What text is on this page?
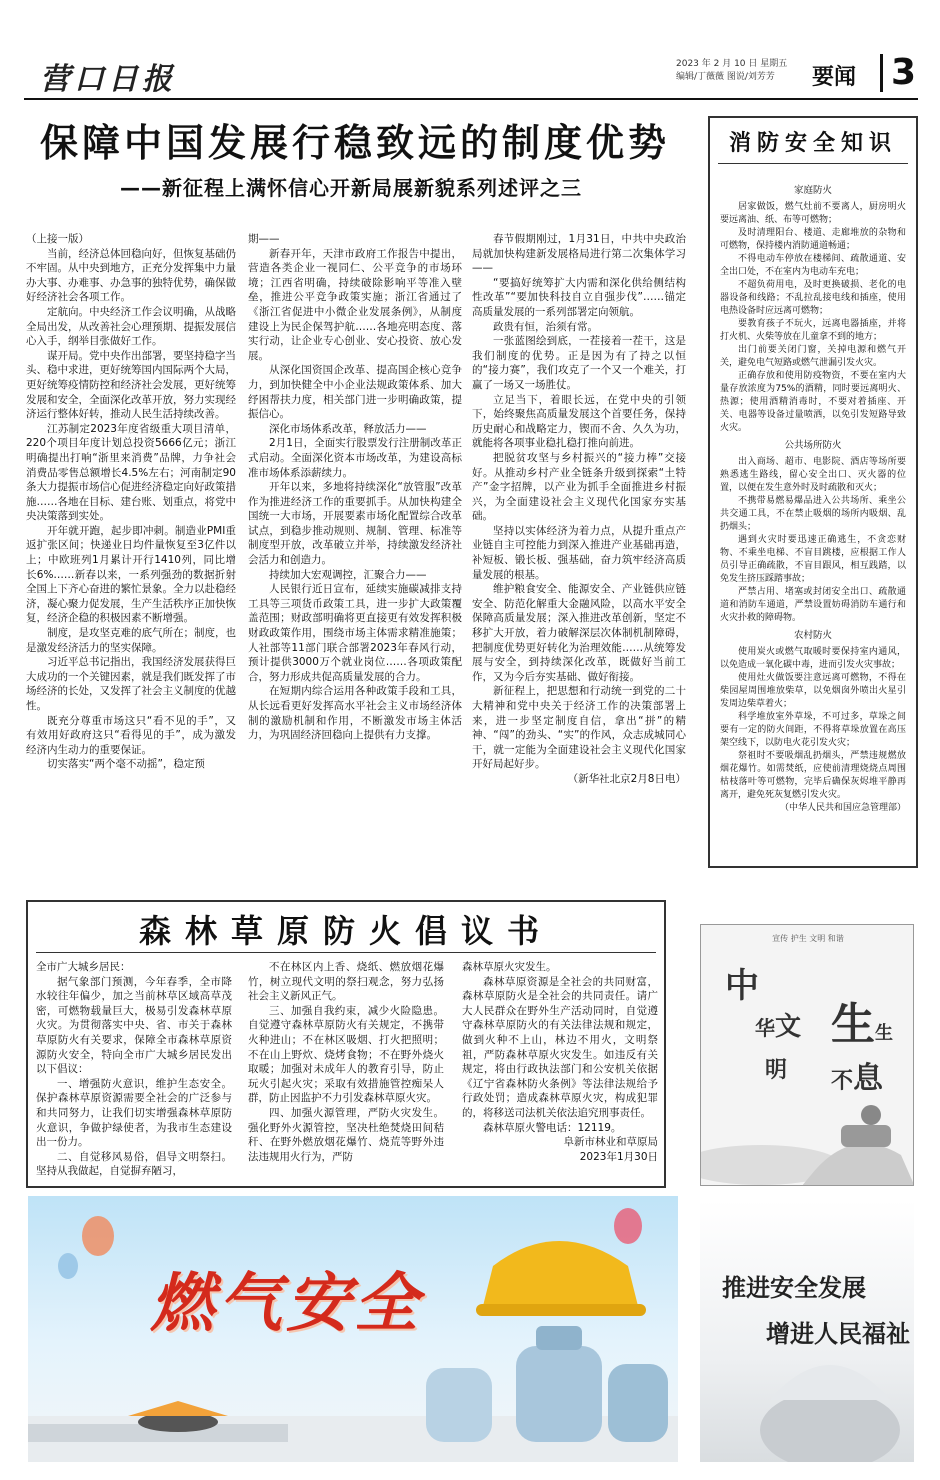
营口日报	2023 年 2 月 10 日 星期五
编辑/丁薇薇 图说/刘芳芳	要闻 3
保障中国发展行稳致远的制度优势
——新征程上满怀信心开新局展新貌系列述评之三

（上接一版）

当前，经济总体回稳向好，但恢复基础仍不牢固。从中央到地方，正充分发挥集中力量办大事、办难事、办急事的独特优势，确保做好经济社会各项工作。

定航向。中央经济工作会议明确，从战略全局出发，从改善社会心理预期、提振发展信心入手，纲举目张做好工作。

谋开局。党中央作出部署，要坚持稳字当头、稳中求进，更好统筹国内国际两个大局，更好统筹疫情防控和经济社会发展，更好统筹发展和安全，全面深化改革开放，努力实现经济运行整体好转，推动人民生活持续改善。

江苏制定2023年度省级重大项目清单，220个项目年度计划总投资5666亿元；浙江明确提出打响“浙里来消费”品牌，力争社会消费品零售总额增长4.5%左右；河南制定90条大力提振市场信心促进经济稳定向好政策措施……各地在目标、建台账、划重点，将党中央决策落到实处。

开年就开跑，起步即冲刺。制造业PMI重返扩张区间；快递业日均件量恢复至3亿件以上；中欧班列1月累计开行1410列，同比增长6%……新春以来，一系列强劲的数据折射全国上下齐心奋进的繁忙景象。全力以赴稳经济，凝心聚力促发展，生产生活秩序正加快恢复，经济企稳的积极因素不断增强。

制度，是攻坚克难的底气所在；制度，也是激发经济活力的坚实保障。

习近平总书记指出，我国经济发展获得巨大成功的一个关键因素，就是我们既发挥了市场经济的长处，又发挥了社会主义制度的优越性。

既充分尊重市场这只“看不见的手”，又有效用好政府这只“看得见的手”，成为激发经济内生动力的重要保证。

切实落实“两个毫不动摇”，稳定预

期——

新春开年，天津市政府工作报告中提出，营造各类企业一视同仁、公平竞争的市场环境；江西省明确，持续破除影响平等准入壁垒，推进公平竞争政策实施；浙江省通过了《浙江省促进中小微企业发展条例》，从制度建设上为民企保驾护航……各地亮明态度、落实行动，让企业专心创业、安心投资、放心发展。

从深化国资国企改革、提高国企核心竞争力，到加快健全中小企业法规政策体系、加大纾困帮扶力度，相关部门进一步明确政策，提振信心。

深化市场体系改革，释放活力——

2月1日，全面实行股票发行注册制改革正式启动。全面深化资本市场改革，为建设高标准市场体系添薪续力。

开年以来，多地将持续深化“放管服”改革作为推进经济工作的重要抓手。从加快构建全国统一大市场，开展要素市场化配置综合改革试点，到稳步推动规则、规制、管理、标准等制度型开放，改革破立并举，持续激发经济社会活力和创造力。

持续加大宏观调控，汇聚合力——

人民银行近日宣布，延续实施碳减排支持工具等三项货币政策工具，进一步扩大政策覆盖范围；财政部明确将更直接更有效发挥积极财政政策作用，围绕市场主体需求精准施策；人社部等11部门联合部署2023年春风行动，预计提供3000万个就业岗位……各项政策配合，努力形成共促高质量发展的合力。

在短期内综合运用各种政策手段和工具，从长远看更好发挥高水平社会主义市场经济体制的激励机制和作用，不断激发市场主体活力，为巩固经济回稳向上提供有力支撑。

春节假期刚过，1月31日，中共中央政治局就加快构建新发展格局进行第二次集体学习——

“要搞好统筹扩大内需和深化供给侧结构性改革”“要加快科技自立自强步伐”……锚定高质量发展的一系列部署定向领航。

政贵有恒，治须有常。

一张蓝图绘到底，一茬接着一茬干，这是我们制度的优势。正是因为有了持之以恒的“接力赛”，我们攻克了一个又一个难关，打赢了一场又一场胜仗。

立足当下，着眼长远，在党中央的引领下，始终聚焦高质量发展这个首要任务，保持历史耐心和战略定力，锲而不舍、久久为功，就能将各项事业稳扎稳打推向前进。

把脱贫攻坚与乡村振兴的“接力棒”交接好。从推动乡村产业全链条升级到探索“土特产”金字招牌，以产业为抓手全面推进乡村振兴，为全面建设社会主义现代化国家夯实基础。

坚持以实体经济为着力点，从提升重点产业链自主可控能力到深入推进产业基础再造，补短板、锻长板、强基础，奋力筑牢经济高质量发展的根基。

维护粮食安全、能源安全、产业链供应链安全、防范化解重大金融风险，以高水平安全保障高质量发展；深入推进改革创新，坚定不移扩大开放，着力破解深层次体制机制障碍，把制度优势更好转化为治理效能……从统筹发展与安全，到持续深化改革，既做好当前工作，又为今后夯实基础、做好衔接。

新征程上，把思想和行动统一到党的二十大精神和党中央关于经济工作的决策部署上来，进一步坚定制度自信，拿出“拼”的精神、“闯”的劲头、“实”的作风，众志成城同心干，就一定能为全面建设社会主义现代化国家开好局起好步。

（新华社北京2月8日电）

消防安全知识
家庭防火

居家做饭，燃气灶前不要离人，厨房明火要远离油、纸、布等可燃物；

及时清理阳台、楼道、走廊堆放的杂物和可燃物，保持楼内消防通道畅通；

不得电动车停放在楼梯间、疏散通道、安全出口处，不在室内为电动车充电；

不超负荷用电，及时更换破损、老化的电器设备和线路；不乱拉乱接电线和插座，使用电热设备时应远离可燃物；

要教育孩子不玩火，远离电器插座，并将打火机、火柴等放在儿童拿不到的地方；

出门前要关闭门窗，关掉电源和燃气开关，避免电气短路或燃气泄漏引发火灾。

正确存放和使用防疫物资，不要在室内大量存放浓度为75%的酒精，同时要远离明火、热源；使用酒精消毒时，不要对着插座、开关、电器等设备过量喷洒，以免引发短路导致火灾。

公共场所防火

出入商场、超市、电影院、酒店等场所要熟悉逃生路线，留心安全出口、灭火器的位置，以便在发生意外时及时疏散和灭火；

不携带易燃易爆品进入公共场所、乘坐公共交通工具，不在禁止吸烟的场所内吸烟、乱扔烟头；

遇到火灾时要迅速正确逃生，不贪恋财物、不乘坐电梯、不盲目跳楼，应根据工作人员引导正确疏散，不盲目跟风，相互践踏，以免发生挤压踩踏事故；

严禁占用、堵塞或封闭安全出口、疏散通道和消防车通道，严禁设置妨碍消防车通行和火灾扑救的障碍物。

农村防火

使用炭火或燃气取暖时要保持室内通风，以免造成一氧化碳中毒，进而引发火灾事故；

使用灶火做饭要注意远离可燃物，不得在柴园屋周围堆放柴草，以免烟囱外喷出火星引发周边柴草着火；

科学堆放室外草垛，不可过多，草垛之间要有一定的防火间距，不得将草垛放置在高压架空线下，以防电火花引发火灾；

祭祖时不要吸烟乱扔烟头，严禁违规燃放烟花爆竹。如需焚纸，应使前清理烧烧点周围枯枝落叶等可燃物，完毕后确保灰烬堆平静再离开，避免死灰复燃引发火灾。

（中华人民共和国应急管理部）

森林草原防火倡议书

全市广大城乡居民：

据气象部门预测，今年春季，全市降水较往年偏少，加之当前林草区域高草茂密，可燃物载量巨大，极易引发森林草原火灾。为贯彻落实中央、省、市关于森林草原防火有关要求，保障全市森林草原资源防火安全，特向全市广大城乡居民发出以下倡议：

一、增强防火意识，维护生态安全。保护森林草原资源需要全社会的广泛参与和共同努力，让我们切实增强森林草原防火意识，争做护绿使者，为我市生态建设出一份力。

二、自觉移风易俗，倡导文明祭扫。坚持从我做起，自觉摒弃陋习，

不在林区内上香、烧纸、燃放烟花爆竹，树立现代文明的祭扫观念，努力弘扬社会主义新风正气。

三、加强自我约束，减少火险隐患。自觉遵守森林草原防火有关规定，不携带火种进山；不在林区吸烟、打火把照明；不在山上野炊、烧烤食物；不在野外烧火取暖；加强对未成年人的教育引导，防止玩火引起火灾；采取有效措施管控痴呆人群，防止因监护不力引发森林草原火灾。

四、加强火源管理，严防火灾发生。强化野外火源管控，坚决杜绝焚烧田间秸秆、在野外燃放烟花爆竹、烧荒等野外违法违规用火行为，严防

森林草原火灾发生。

森林草原资源是全社会的共同财富，森林草原防火是全社会的共同责任。请广大人民群众在野外生产活动同时，自觉遵守森林草原防火的有关法律法规和规定，做到火种不上山，林边不用火，文明祭祖，严防森林草原火灾发生。如违反有关规定，将由行政执法部门和公安机关依据《辽宁省森林防火条例》等法律法规给予行政处罚；造成森林草原火灾，构成犯罪的，将移送司法机关依法追究刑事责任。

森林草原火警电话：12119。

阜新市林业和草原局

2023年1月30日

宣传 护生 文明 和谐
中
华文
明
生生
不息
燃气安全	推进安全发展
增进人民福祉
